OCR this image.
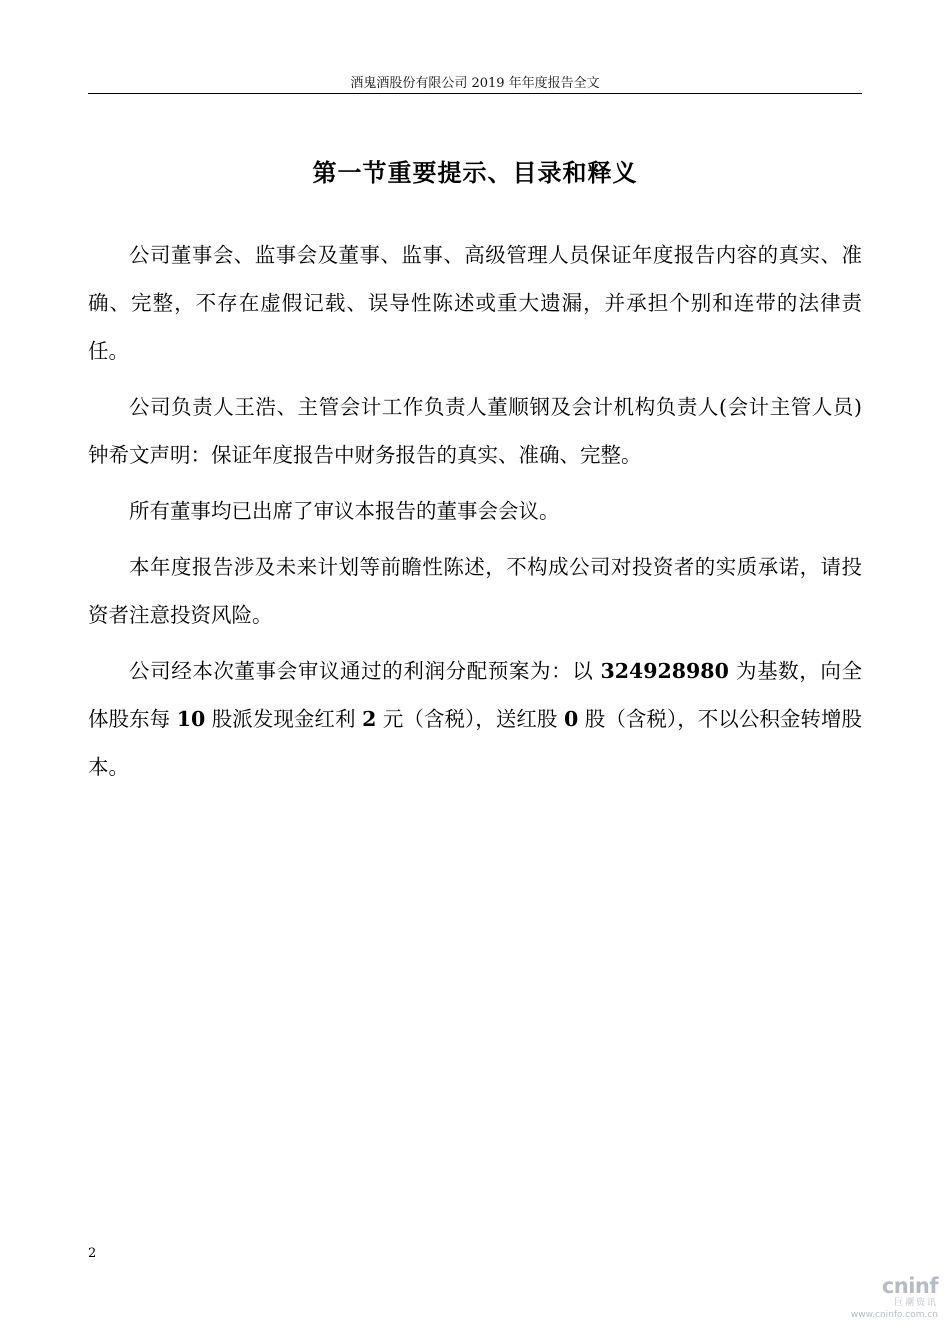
酒鬼酒股份有限公司 2019 年年度报告全文
第一节重要提示、目录和释义

公司董事会、监事会及董事、监事、高级管理人员保证年度报告内容的真实、准确、完整，不存在虚假记载、误导性陈述或重大遗漏，并承担个别和连带的法律责任。

公司负责人王浩、主管会计工作负责人董顺钢及会计机构负责人(会计主管人员)钟希文声明：保证年度报告中财务报告的真实、准确、完整。

所有董事均已出席了审议本报告的董事会会议。

本年度报告涉及未来计划等前瞻性陈述，不构成公司对投资者的实质承诺，请投资者注意投资风险。

公司经本次董事会审议通过的利润分配预案为：以 324928980 为基数，向全体股东每 10 股派发现金红利 2 元（含税），送红股 0 股（含税），不以公积金转增股本。

2
cninf
巨潮资讯
www.cninfo.com.cn
